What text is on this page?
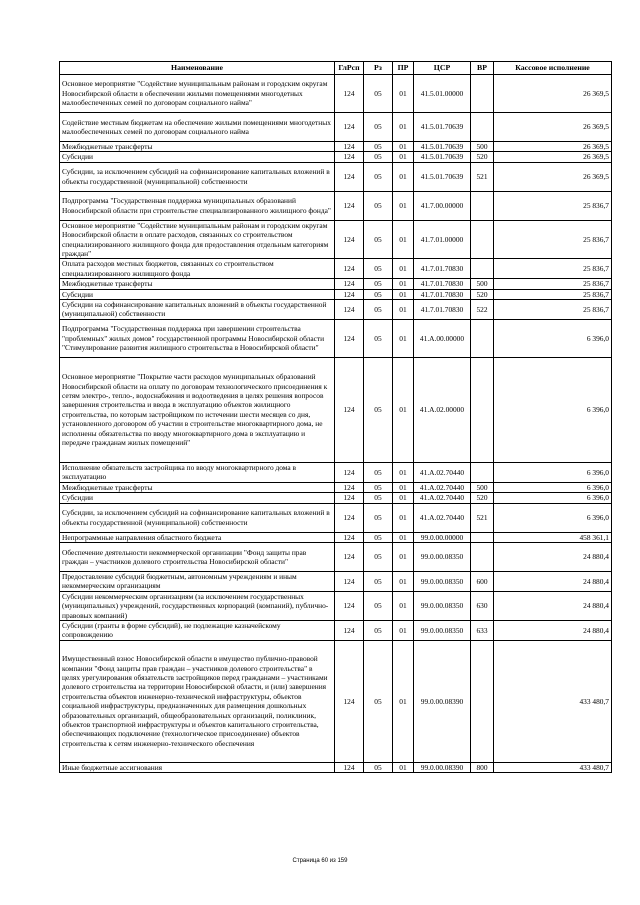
Наименование	ГлРсп	Рз	ПР	ЦСР	ВР	Кассовое исполнение
Основное мероприятие "Содействие муниципальным районам и городским округам Новосибирской области в обеспечении жилыми помещениями многодетных малообеспеченных семей по договорам социального найма"	124	05	01	41.5.01.00000		26 369,5
Содействие местным бюджетам на обеспечение жилыми помещениями многодетных малообеспеченных семей по договорам социального найма	124	05	01	41.5.01.70639		26 369,5
Межбюджетные трансферты	124	05	01	41.5.01.70639	500	26 369,5
Субсидии	124	05	01	41.5.01.70639	520	26 369,5
Субсидии, за исключением субсидий на софинансирование капитальных вложений в объекты государственной (муниципальной) собственности	124	05	01	41.5.01.70639	521	26 369,5
Подпрограмма "Государственная поддержка муниципальных образований Новосибирской области при строительстве специализированного жилищного фонда"	124	05	01	41.7.00.00000		25 836,7
Основное мероприятие "Содействие муниципальным районам и городским округам Новосибирской области в оплате расходов, связанных со строительством специализированного жилищного фонда для предоставления отдельным категориям граждан"	124	05	01	41.7.01.00000		25 836,7
Оплата расходов местных бюджетов, связанных со строительством специализированного жилищного фонда	124	05	01	41.7.01.70830		25 836,7
Межбюджетные трансферты	124	05	01	41.7.01.70830	500	25 836,7
Субсидии	124	05	01	41.7.01.70830	520	25 836,7
Субсидии на софинансирование капитальных вложений в объекты государственной (муниципальной) собственности	124	05	01	41.7.01.70830	522	25 836,7
Подпрограмма "Государственная поддержка при завершении строительства "проблемных" жилых домов" государственной программы Новосибирской области "Стимулирование развития жилищного строительства в Новосибирской области"	124	05	01	41.А.00.00000		6 396,0
Основное мероприятие "Покрытие части расходов муниципальных образований Новосибирской области на оплату по договорам технологического присоединения к сетям электро-, тепло-, водоснабжения и водоотведения в целях решения вопросов завершения строительства и ввода в эксплуатацию объектов жилищного строительства, по которым застройщиком по истечении шести месяцев со дня, установленного договором об участии в строительстве многоквартирного дома, не исполнены обязательства по вводу многоквартирного дома в эксплуатацию и передаче гражданам жилых помещений"	124	05	01	41.А.02.00000		6 396,0
Исполнение обязательств застройщика по вводу многоквартирного дома в эксплуатацию	124	05	01	41.А.02.70440		6 396,0
Межбюджетные трансферты	124	05	01	41.А.02.70440	500	6 396,0
Субсидии	124	05	01	41.А.02.70440	520	6 396,0
Субсидии, за исключением субсидий на софинансирование капитальных вложений в объекты государственной (муниципальной) собственности	124	05	01	41.А.02.70440	521	6 396,0
Непрограммные направления областного бюджета	124	05	01	99.0.00.00000		458 361,1
Обеспечение деятельности некоммерческой организации "Фонд защиты прав граждан – участников долевого строительства Новосибирской области"	124	05	01	99.0.00.08350		24 880,4
Предоставление субсидий бюджетным, автономным учреждениям и иным некоммерческим организациям	124	05	01	99.0.00.08350	600	24 880,4
Субсидии некоммерческим организациям (за исключением государственных (муниципальных) учреждений, государственных корпораций (компаний), публично-правовых компаний)	124	05	01	99.0.00.08350	630	24 880,4
Субсидии (гранты в форме субсидий), не подлежащие казначейскому сопровождению	124	05	01	99.0.00.08350	633	24 880,4
Имущественный взнос Новосибирской области в имущество публично-правовой компании "Фонд защиты прав граждан – участников долевого строительства" в целях урегулирования обязательств застройщиков перед гражданами – участниками долевого строительства на территории Новосибирской области, и (или) завершения строительства объектов инженерно-технической инфраструктуры, объектов социальной инфраструктуры, предназначенных для размещения дошкольных образовательных организаций, общеобразовательных организаций, поликлиник, объектов транспортной инфраструктуры и объектов капитального строительства, обеспечивающих подключение (технологическое присоединение) объектов строительства к сетям инженерно-технического обеспечения	124	05	01	99.0.00.08390		433 480,7
Иные бюджетные ассигнования	124	05	01	99.0.00.08390	800	433 480,7
Страница 60 из 159
